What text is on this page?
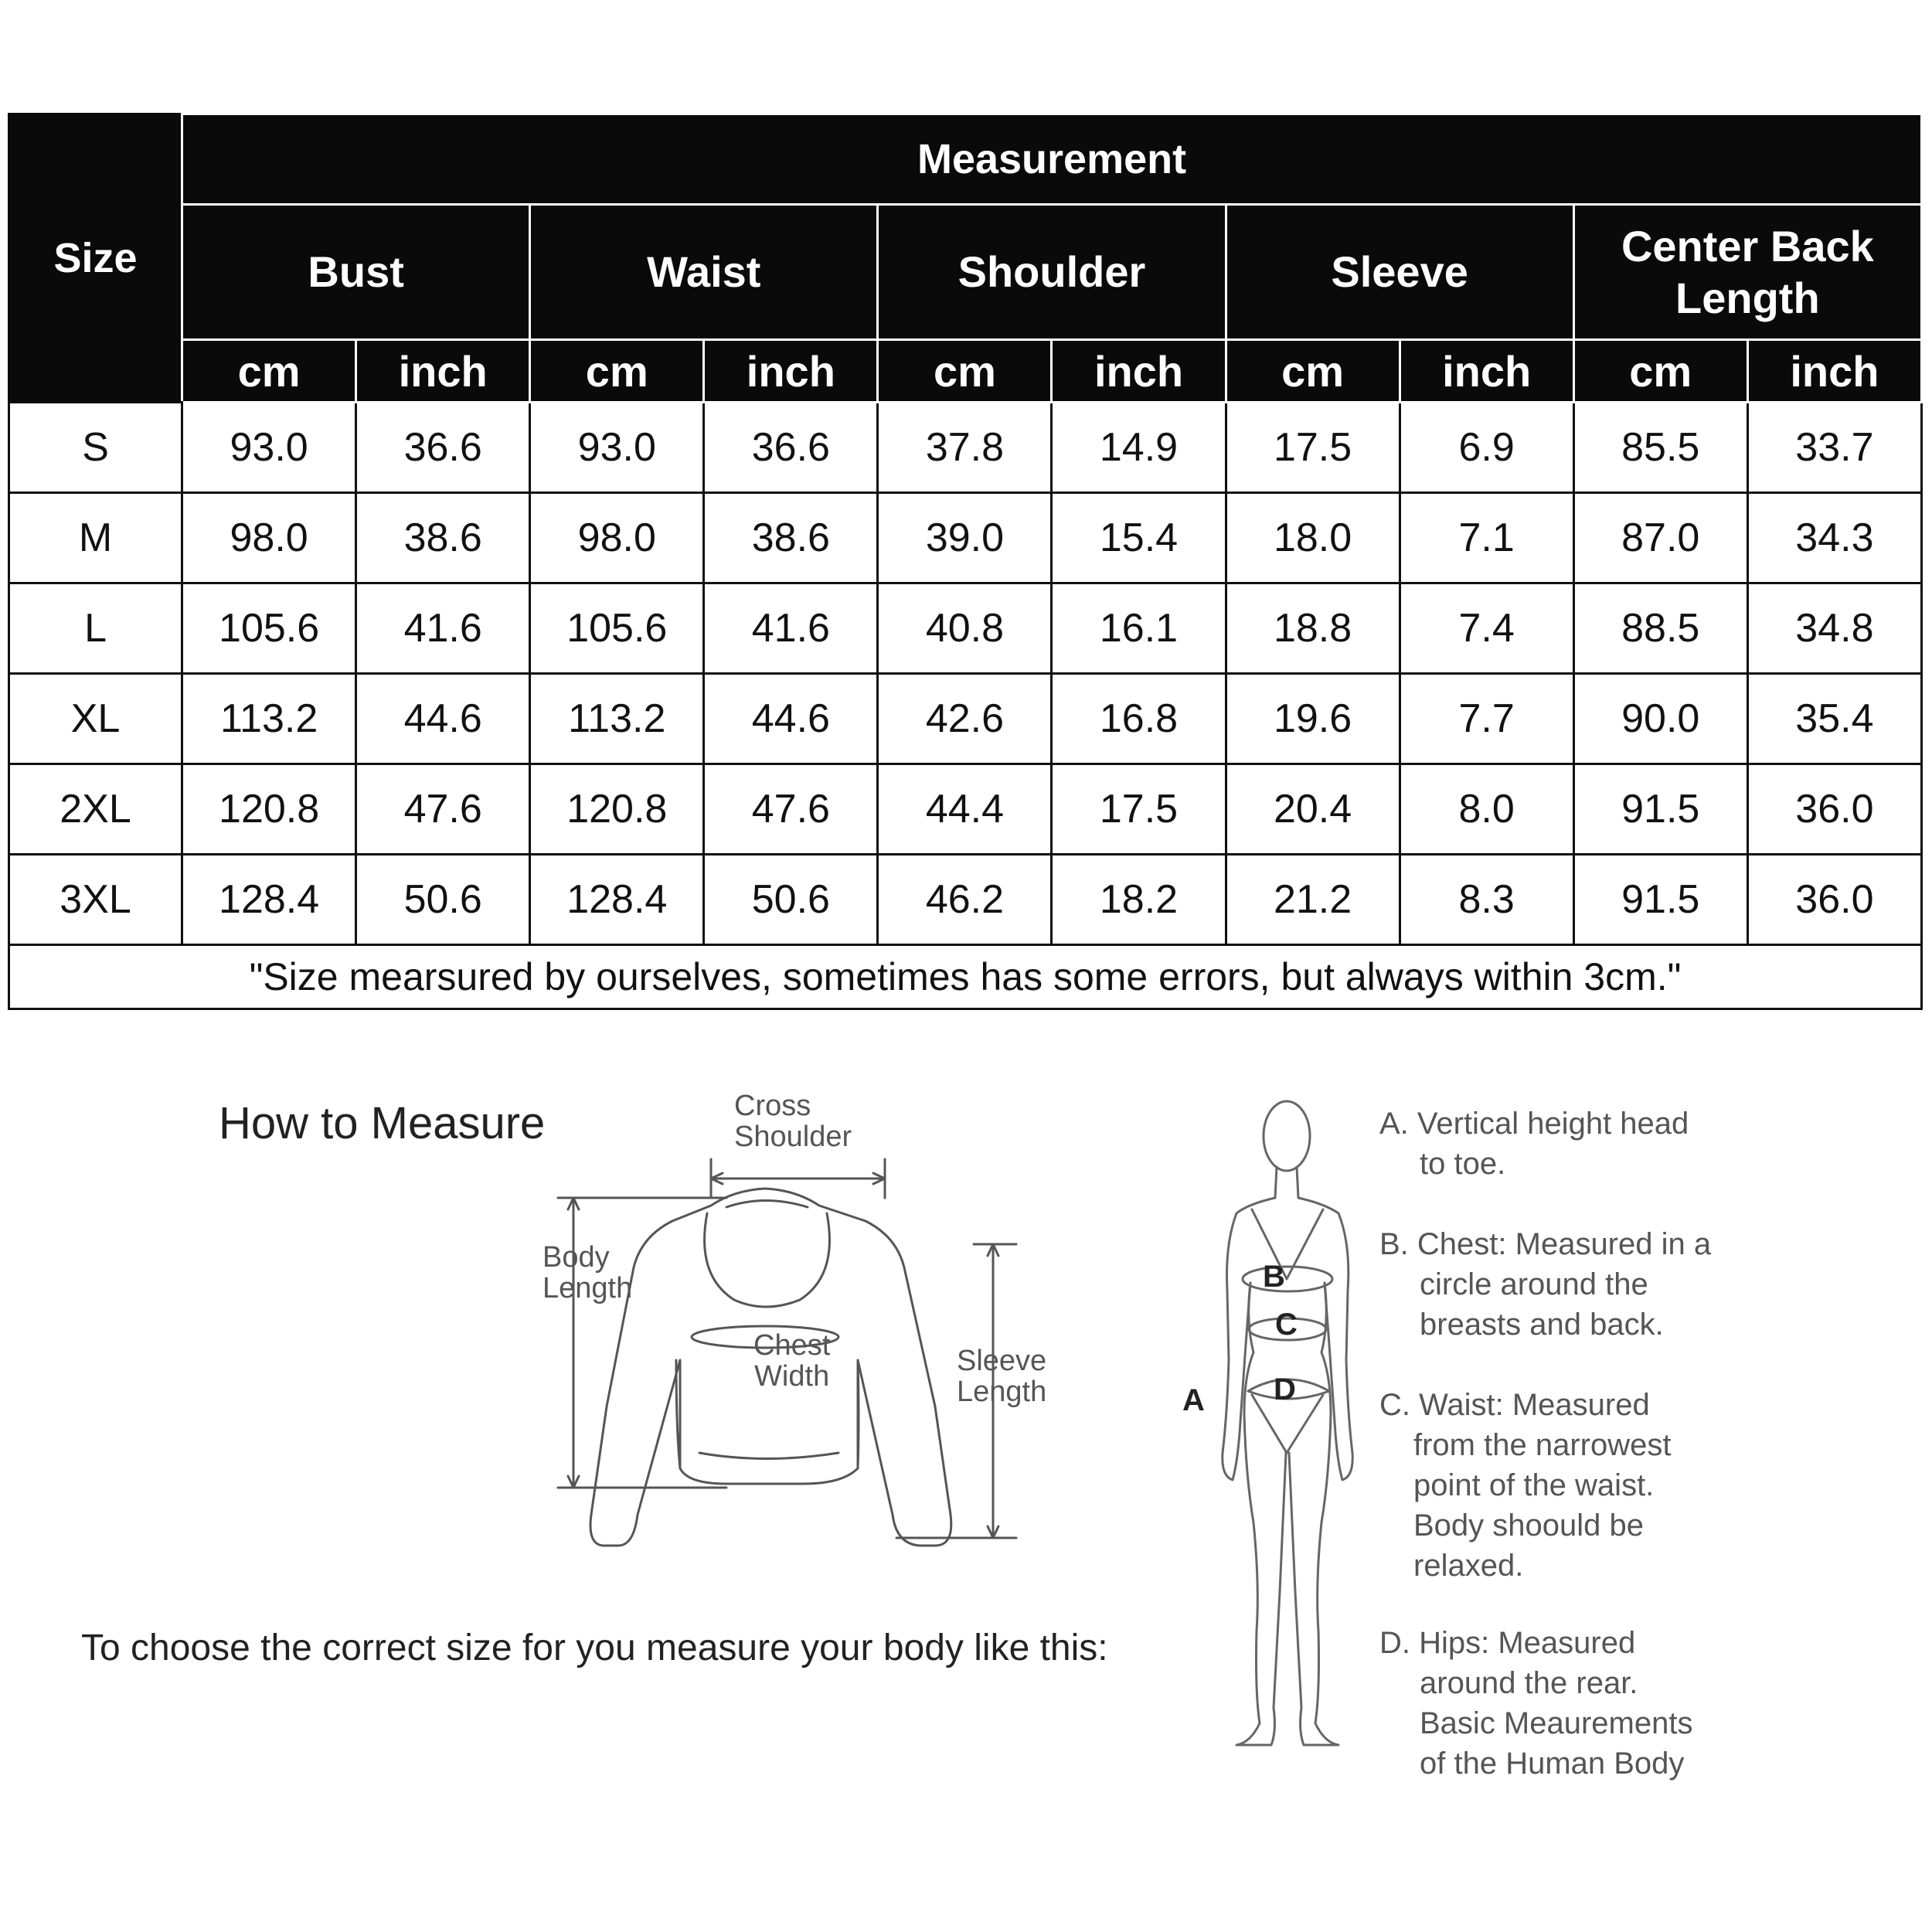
Size	Measurement									
	Bust		Waist		Shoulder		Sleeve		Center Back Length	
	cm	inch	cm	inch	cm	inch	cm	inch	cm	inch
S	93.0	36.6	93.0	36.6	37.8	14.9	17.5	6.9	85.5	33.7
M	98.0	38.6	98.0	38.6	39.0	15.4	18.0	7.1	87.0	34.3
L	105.6	41.6	105.6	41.6	40.8	16.1	18.8	7.4	88.5	34.8
XL	113.2	44.6	113.2	44.6	42.6	16.8	19.6	7.7	90.0	35.4
2XL	120.8	47.6	120.8	47.6	44.4	17.5	20.4	8.0	91.5	36.0
3XL	128.4	50.6	128.4	50.6	46.2	18.2	21.2	8.3	91.5	36.0
"Size mearsured by ourselves, sometimes has some errors, but always within 3cm."										
How to Measure
To choose the correct size for you measure your body like this:
Cross
Shoulder
Body
Length
Chest
Width	Sleeve
Length
B
C
D
A
A. Vertical height head
to toe.
B. Chest: Measured in a
circle around the
breasts and back.
C. Waist: Measured
from the narrowest
point of the waist.
Body shoould be
relaxed.
D. Hips: Measured
around the rear.
Basic Meaurements
of the Human Body
